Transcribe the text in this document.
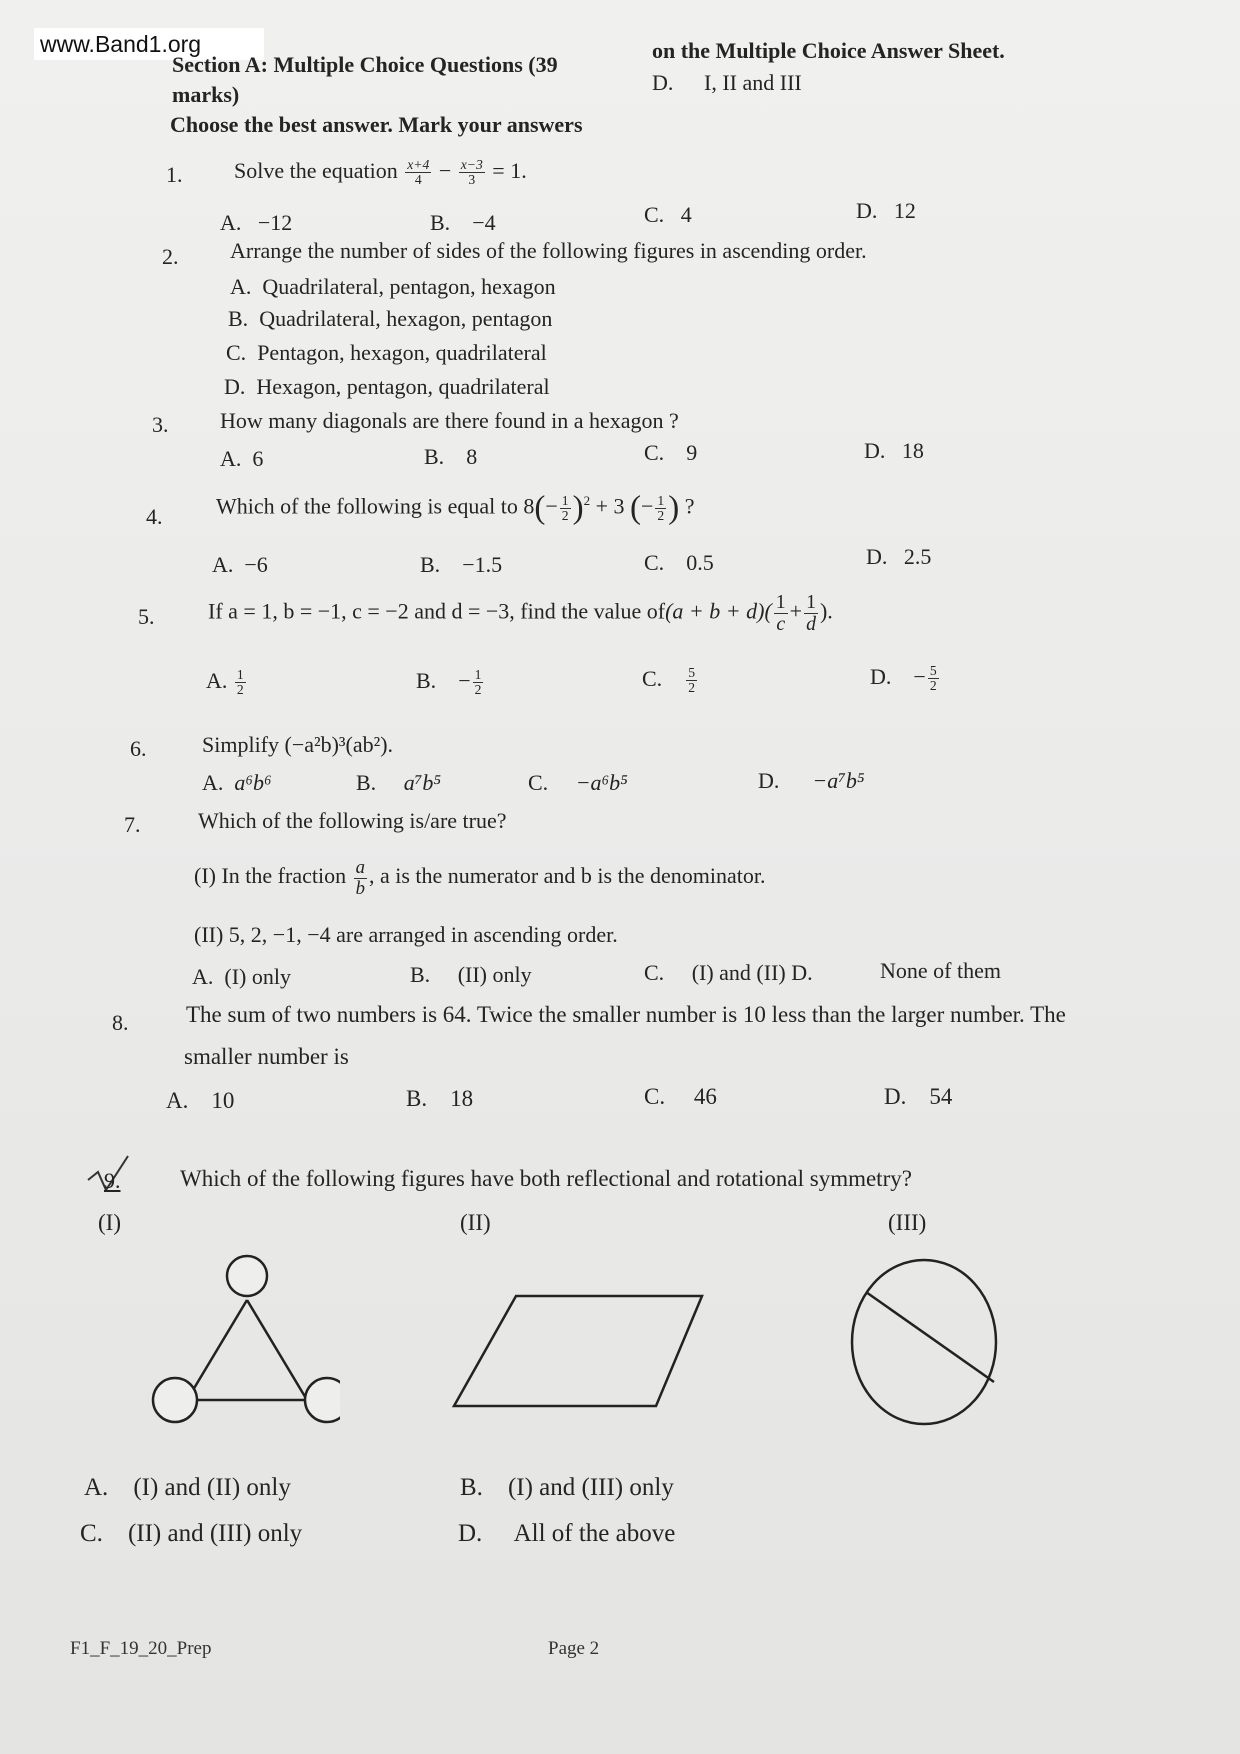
www.Band1.org
Section A: Multiple Choice Questions (39
marks)
Choose the best answer. Mark your answers
on the Multiple Choice Answer Sheet.
D. I, II and III
1.	Solve the equation $\frac{x+4}{4} - \frac{x-3}{3} = 1$.
A. −12	B. −4	C. 4	D. 12
2.	Arrange the number of sides of the following figures in ascending order.
A. Quadrilateral, pentagon, hexagon
B. Quadrilateral, hexagon, pentagon
C. Pentagon, hexagon, quadrilateral
D. Hexagon, pentagon, quadrilateral
3.	How many diagonals are there found in a hexagon ?
A. 6	B. 8	C. 9	D. 18
4.	Which of the following is equal to $8(- \frac{1}{2} )^2 + 3$ (− $\frac{1}{2}$ ) ?
A. −6	B. −1.5	C. 0.5	D. 2.5
5.	If a = 1, b = −1, c = −2 and d = −3, find the value $of(a + b + d)( \frac{1}{c} + \frac{1}{d}$ ).
A. $\frac{1}{2}$	B. − $\frac{1}{2}$	C. $\frac{5}{2}$	D. − $\frac{5}{2}$
6.	Simplify (−a²b)³(ab²).
A. a⁶b⁶	B. a⁷b⁵	C. −a⁶b⁵	D. −a⁷b⁵
7.	Which of the following is/are true?
(I) In the fraction $\frac{a}{b}$ , a is the numerator and b is the denominator.
(II) 5, 2, −1, −4 are arranged in ascending order.
A. (I) only	B. (II) only	C. (I) and (II) D.	None of them
8.	The sum of two numbers is 64. Twice the smaller number is 10 less than the larger number. The
smaller number is
A. 10	B. 18	C. 46	D. 54
9.	Which of the following figures have both reflectional and rotational symmetry?
(I)	(II)	(III)
A. (I) and (II) only	B. (I) and (III) only
C. (II) and (III) only	D. All of the above
F1_F_19_20_Prep	Page 2
